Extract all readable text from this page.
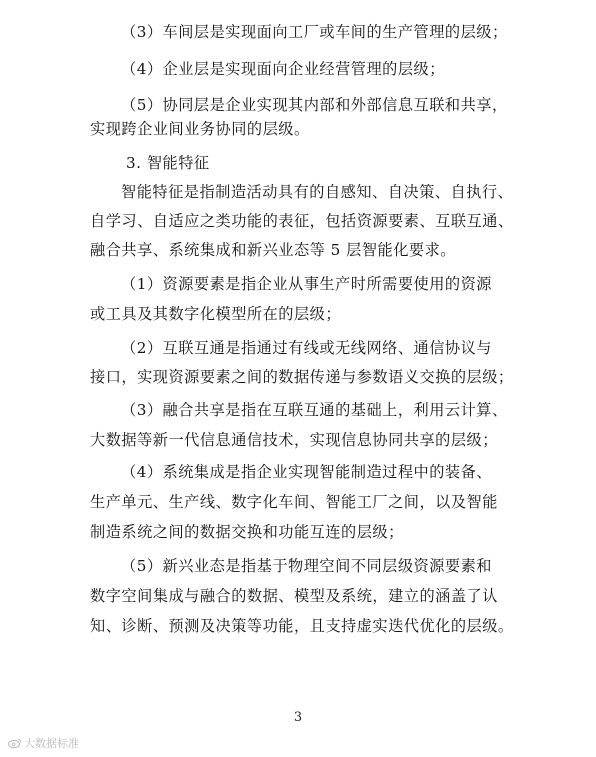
（3）车间层是实现面向工厂或车间的生产管理的层级；
（4）企业层是实现面向企业经营管理的层级；
（5）协同层是企业实现其内部和外部信息互联和共享，
实现跨企业间业务协同的层级。
3. 智能特征
智能特征是指制造活动具有的自感知、自决策、自执行、
自学习、自适应之类功能的表征，包括资源要素、互联互通、
融合共享、系统集成和新兴业态等 5 层智能化要求。
（1）资源要素是指企业从事生产时所需要使用的资源
或工具及其数字化模型所在的层级；
（2）互联互通是指通过有线或无线网络、通信协议与
接口，实现资源要素之间的数据传递与参数语义交换的层级；
（3）融合共享是指在互联互通的基础上，利用云计算、
大数据等新一代信息通信技术，实现信息协同共享的层级；
（4）系统集成是指企业实现智能制造过程中的装备、
生产单元、生产线、数字化车间、智能工厂之间，以及智能
制造系统之间的数据交换和功能互连的层级；
（5）新兴业态是指基于物理空间不同层级资源要素和
数字空间集成与融合的数据、模型及系统，建立的涵盖了认
知、诊断、预测及决策等功能，且支持虚实迭代优化的层级。
3
大数据标准
